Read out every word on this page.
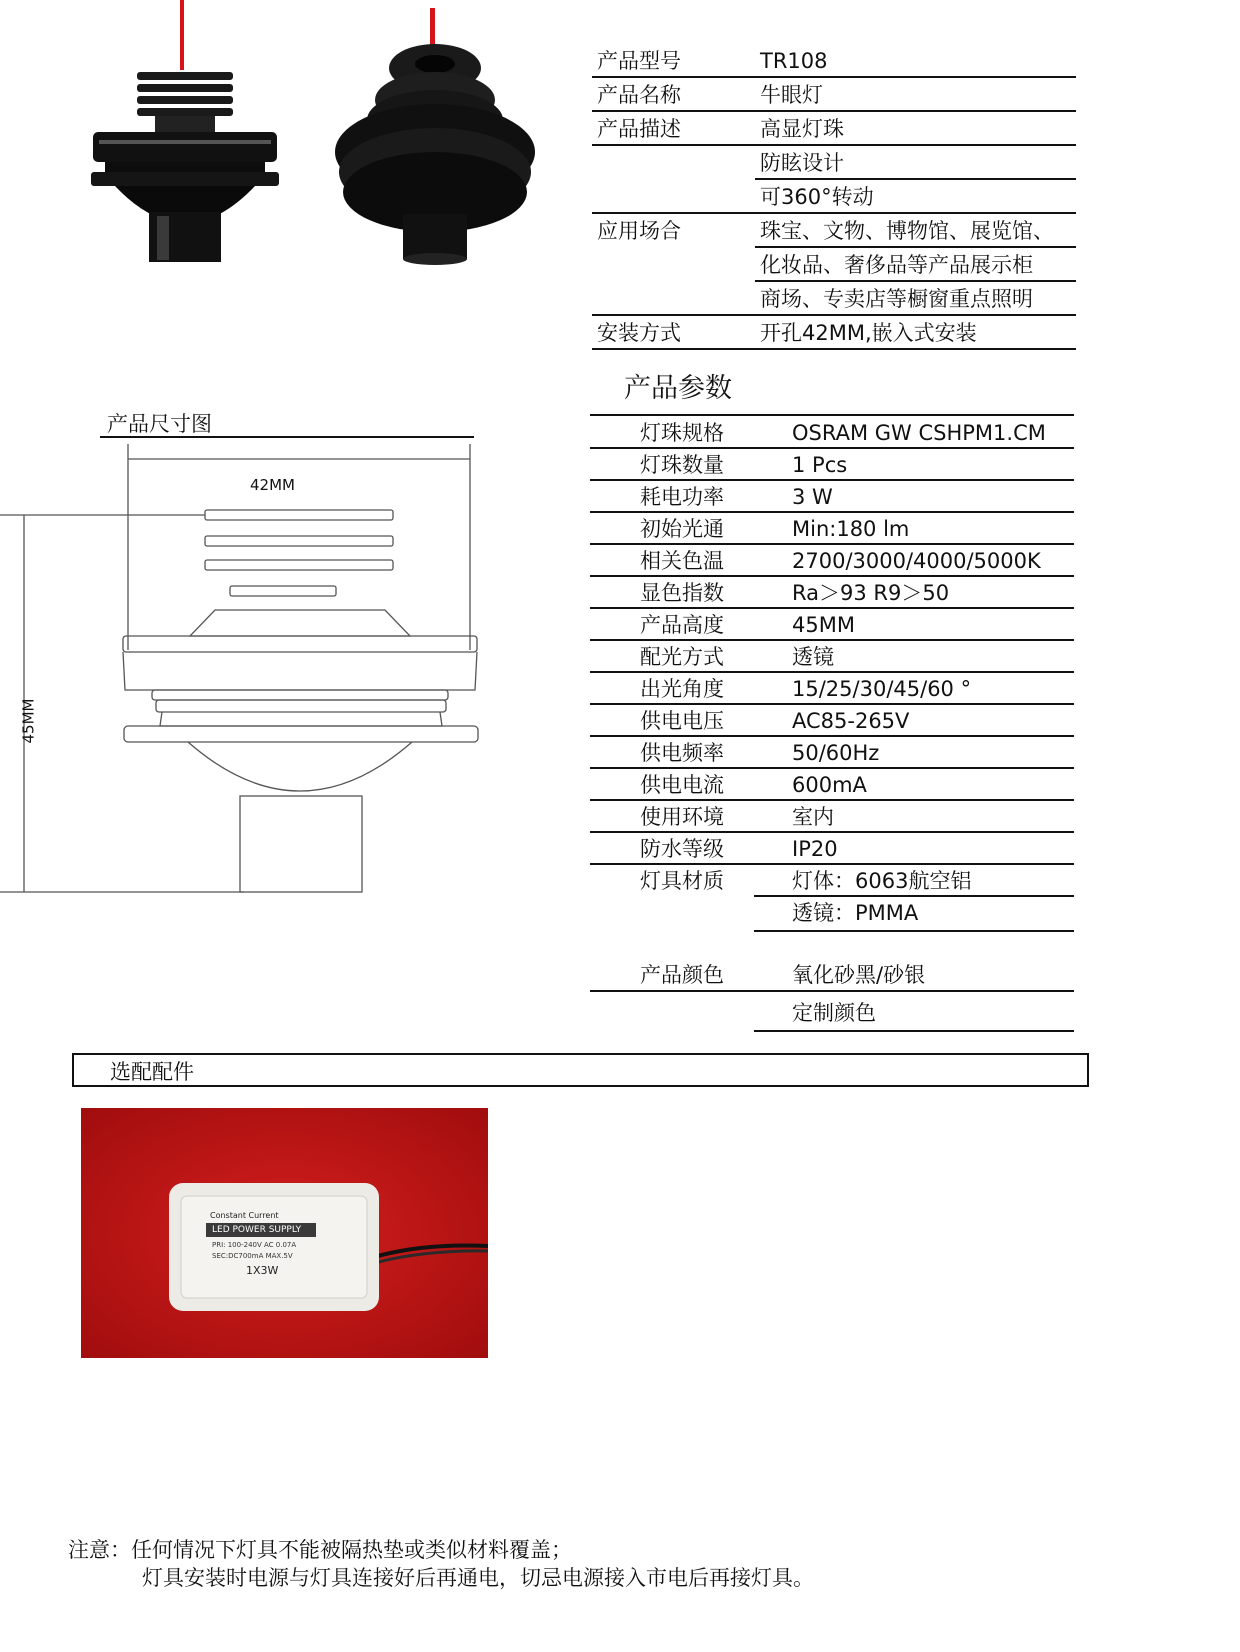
产品型号	TR108
产品名称	牛眼灯
产品描述	高显灯珠
防眩设计
可360°转动
应用场合	珠宝、文物、博物馆、展览馆、
化妆品、奢侈品等产品展示柜
商场、专卖店等橱窗重点照明
安装方式	开孔42MM,嵌入式安装
产品参数
灯珠规格	OSRAM GW CSHPM1.CM
灯珠数量	1 Pcs
耗电功率	3 W
初始光通	Min:180 lm
相关色温	2700/3000/4000/5000K
显色指数	Ra＞93 R9＞50
产品高度	45MM
配光方式	透镜
出光角度	15/25/30/45/60 °
供电电压	AC85-265V
供电频率	50/60Hz
供电电流	600mA
使用环境	室内
防水等级	IP20
灯具材质	灯体：6063航空铝
透镜：PMMA
产品颜色	氧化砂黑/砂银
定制颜色
产品尺寸图
42MM
45MM
选配配件
Constant Current
LED POWER SUPPLY
PRI: 100-240V AC 0.07A
SEC:DC700mA MAX.5V
1X3W
注意：任何情况下灯具不能被隔热垫或类似材料覆盖；
灯具安装时电源与灯具连接好后再通电，切忌电源接入市电后再接灯具。
